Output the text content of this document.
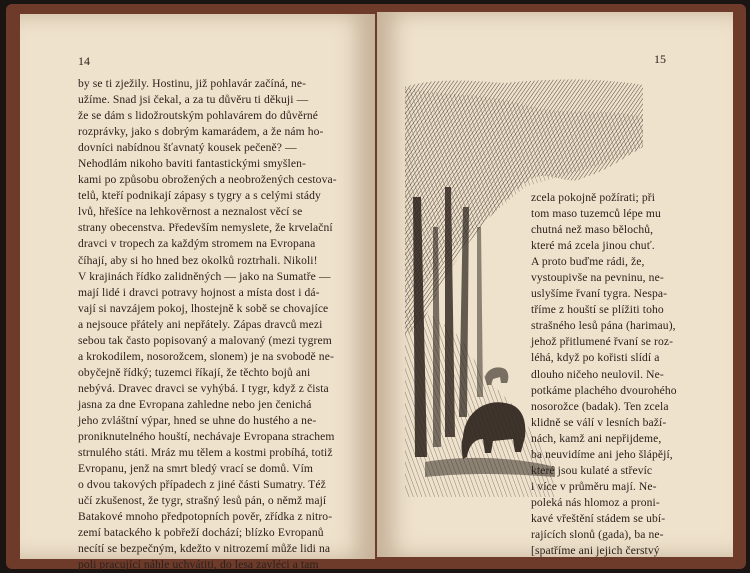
14
by se ti zježily. Hostinu, již pohlavár začíná, ne-
užíme. Snad jsi čekal, a za tu důvěru ti děkuji —
že se dám s lidožroutským pohlavárem do důvěrné
rozprávky, jako s dobrým kamarádem, a že nám ho-
dovníci nabídnou šťavnatý kousek pečeně? —
Nehodlám nikoho baviti fantastickými smyšlen-
kami po způsobu obrožených a neobrožených cestova-
telů, kteří podnikají zápasy s tygry a s celými stády
lvů, hřešíce na lehkověrnost a neznalost věcí se
strany obecenstva. Především nemyslete, že krvelační
dravci v tropech za každým stromem na Evropana
číhají, aby si ho hned bez okolků roztrhali. Nikoli!
V krajinách řídko zalidněných — jako na Sumatře —
mají lidé i dravci potravy hojnost a místa dost i dá-
vají si navzájem pokoj, lhostejně k sobě se chovajíce
a nejsouce přátely ani nepřátely. Zápas dravců mezi
sebou tak často popisovaný a malovaný (mezi tygrem
a krokodilem, nosorožcem, slonem) je na svobodě ne-
obyčejně řídký; tuzemci říkají, že těchto bojů ani
nebývá. Dravec dravci se vyhýbá. I tygr, když z čista
jasna za dne Evropana zahledne nebo jen čenichá
jeho zvláštní výpar, hned se uhne do hustého a ne-
proniknutelného houští, nechávaje Evropana strachem
strnulého státi. Mráz mu tělem a kostmi probíhá, totiž
Evropanu, jenž na smrt bledý vrací se domů. Vím
o dvou takových případech z jiné části Sumatry. Též
učí zkušenost, že tygr, strašný lesů pán, o němž mají
Batakové mnoho předpotopních pověr, zřídka z nitro-
zemí batackého k pobřeží dochází; blízko Evropanů
necítí se bezpečným, kdežto v nitrozemí může lidi na
poli pracující náhle uchvátiti, do lesa zavléci a tam
15
zcela pokojně požírati; při
tom maso tuzemců lépe mu
chutná než maso bělochů,
které má zcela jinou chuť.
A proto buďme rádi, že,
vystoupivše na pevninu, ne-
uslyšíme řvaní tygra. Nespa-
tříme z houští se plížiti toho
strašného lesů pána (harimau),
jehož přitlumené řvaní se roz-
léhá, když po kořisti slídí a
dlouho ničeho neulovil. Ne-
potkáme plachého dvourohého
nosorožce (badak). Ten zcela
klidně se válí v lesních baží-
nách, kamž ani nepřijdeme,
ba neuvidíme ani jeho šlápějí,
které jsou kulaté a střevíc
i více v průměru mají. Ne-
poleká nás hlomoz a proni-
kavé vřeštění stádem se ubí-
rajících slonů (gada), ba ne-
[spatříme ani jejich čerstvý
